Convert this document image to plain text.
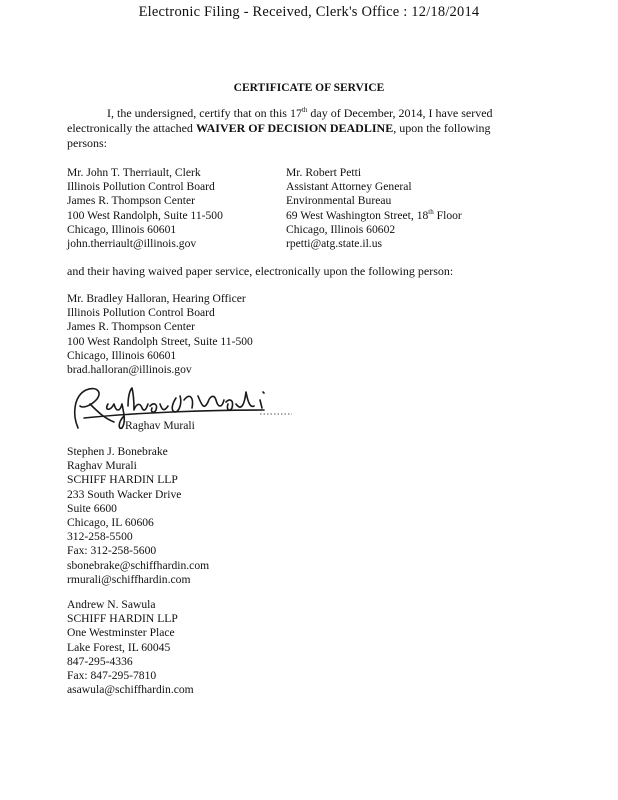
Electronic Filing - Received, Clerk's Office : 12/18/2014
CERTIFICATE OF SERVICE
I, the undersigned, certify that on this 17th day of December, 2014, I have served
electronically the attached WAIVER OF DECISION DEADLINE, upon the following
persons:
Mr. John T. Therriault, Clerk
Illinois Pollution Control Board
James R. Thompson Center
100 West Randolph, Suite 11-500
Chicago, Illinois 60601
john.therriault@illinois.gov
Mr. Robert Petti
Assistant Attorney General
Environmental Bureau
69 West Washington Street, 18th Floor
Chicago, Illinois 60602
rpetti@atg.state.il.us
and their having waived paper service, electronically upon the following person:
Mr. Bradley Halloran, Hearing Officer
Illinois Pollution Control Board
James R. Thompson Center
100 West Randolph Street, Suite 11-500
Chicago, Illinois 60601
brad.halloran@illinois.gov
Raghav Murali
Stephen J. Bonebrake
Raghav Murali
SCHIFF HARDIN LLP
233 South Wacker Drive
Suite 6600
Chicago, IL 60606
312-258-5500
Fax: 312-258-5600
sbonebrake@schiffhardin.com
rmurali@schiffhardin.com
Andrew N. Sawula
SCHIFF HARDIN LLP
One Westminster Place
Lake Forest, IL 60045
847-295-4336
Fax: 847-295-7810
asawula@schiffhardin.com
